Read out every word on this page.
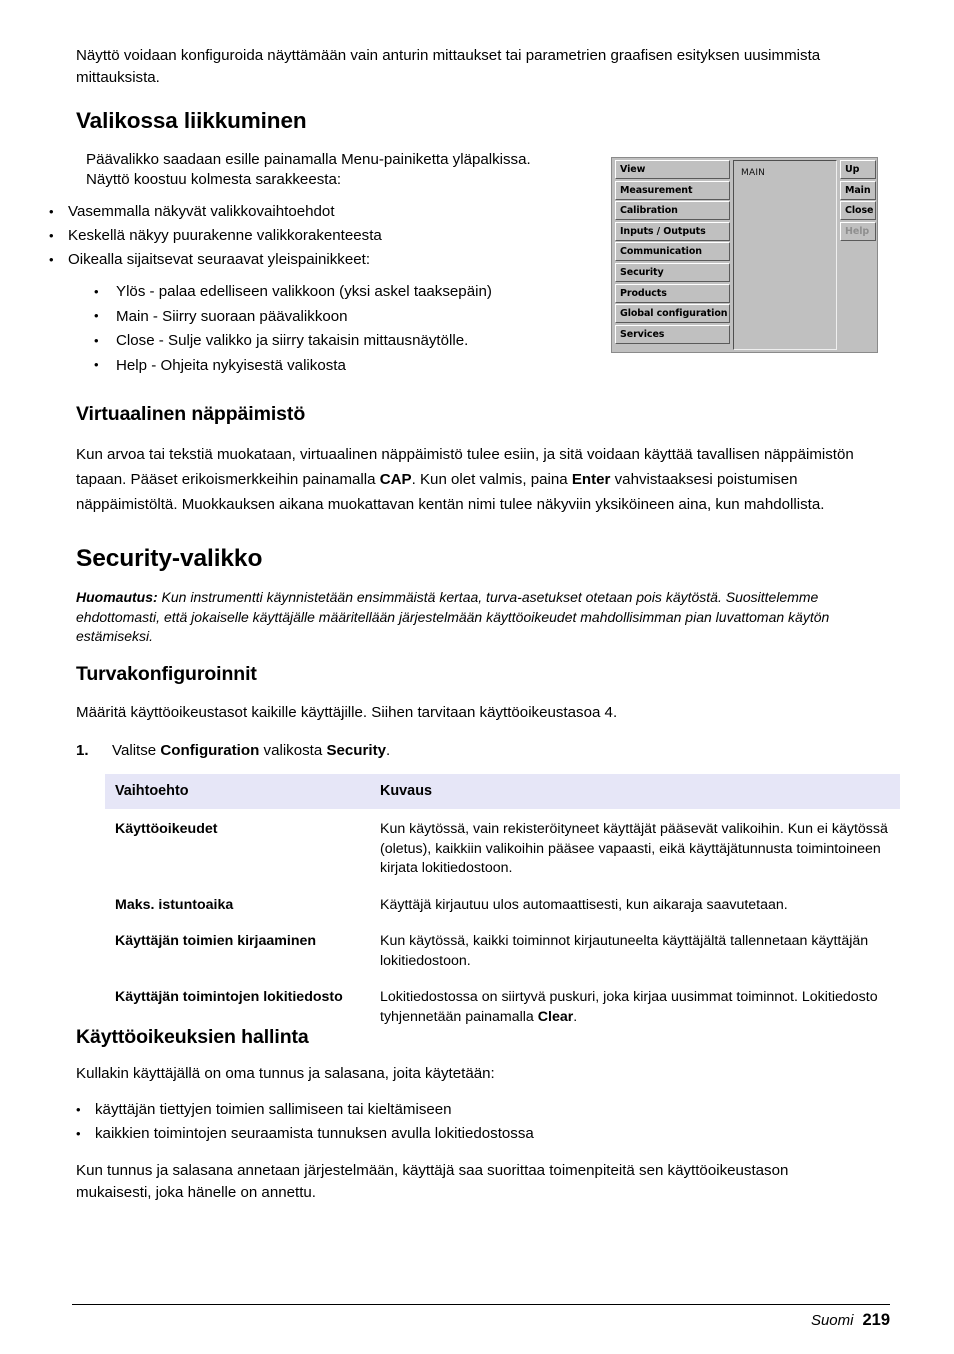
Näyttö voidaan konfiguroida näyttämään vain anturin mittaukset tai parametrien graafisen esityksen uusimmista mittauksista.
Valikossa liikkuminen
Päävalikko saadaan esille painamalla Menu-painiketta yläpalkissa.
Näyttö koostuu kolmesta sarakkeesta:
• Vasemmalla näkyvät valikkovaihtoehdot
• Keskellä näkyy puurakenne valikkorakenteesta
• Oikealla sijaitsevat seuraavat yleispainikkeet:
• Ylös - palaa edelliseen valikkoon (yksi askel taaksepäin)
• Main - Siirry suoraan päävalikkoon
• Close - Sulje valikko ja siirry takaisin mittausnäytölle.
• Help - Ohjeita nykyisestä valikosta
View
Measurement
Calibration
Inputs / Outputs
Communication
Security
Products
Global configuration
Services
MAIN	Up
Main
Close
Help
Virtuaalinen näppäimistö
Kun arvoa tai tekstiä muokataan, virtuaalinen näppäimistö tulee esiin, ja sitä voidaan käyttää tavallisen näppäimistön tapaan. Pääset erikoismerkkeihin painamalla CAP. Kun olet valmis, paina Enter vahvistaaksesi poistumisen näppäimistöltä. Muokkauksen aikana muokattavan kentän nimi tulee näkyviin yksiköineen aina, kun mahdollista.
Security-valikko
Huomautus: Kun instrumentti käynnistetään ensimmäistä kertaa, turva-asetukset otetaan pois käytöstä. Suosittelemme ehdottomasti, että jokaiselle käyttäjälle määritellään järjestelmään käyttöoikeudet mahdollisimman pian luvattoman käytön estämiseksi.
Turvakonfiguroinnit
Määritä käyttöoikeustasot kaikille käyttäjille. Siihen tarvitaan käyttöoikeustasoa 4.
1. Valitse Configuration valikosta Security.
Vaihtoehto	Kuvaus
Käyttöoikeudet	Kun käytössä, vain rekisteröityneet käyttäjät pääsevät valikoihin. Kun ei käytössä (oletus), kaikkiin valikoihin pääsee vapaasti, eikä käyttäjätunnusta toimintoineen kirjata lokitiedostoon.

Maks. istuntoaika	Käyttäjä kirjautuu ulos automaattisesti, kun aikaraja saavutetaan.

Käyttäjän toimien kirjaaminen	Kun käytössä, kaikki toiminnot kirjautuneelta käyttäjältä tallennetaan käyttäjän lokitiedostoon.

Käyttäjän toimintojen lokitiedosto	Lokitiedostossa on siirtyvä puskuri, joka kirjaa uusimmat toiminnot. Lokitiedosto tyhjennetään painamalla Clear.
Käyttöoikeuksien hallinta
Kullakin käyttäjällä on oma tunnus ja salasana, joita käytetään:
• käyttäjän tiettyjen toimien sallimiseen tai kieltämiseen
• kaikkien toimintojen seuraamista tunnuksen avulla lokitiedostossa
Kun tunnus ja salasana annetaan järjestelmään, käyttäjä saa suorittaa toimenpiteitä sen käyttöoikeustason mukaisesti, joka hänelle on annettu.
Suomi 219
